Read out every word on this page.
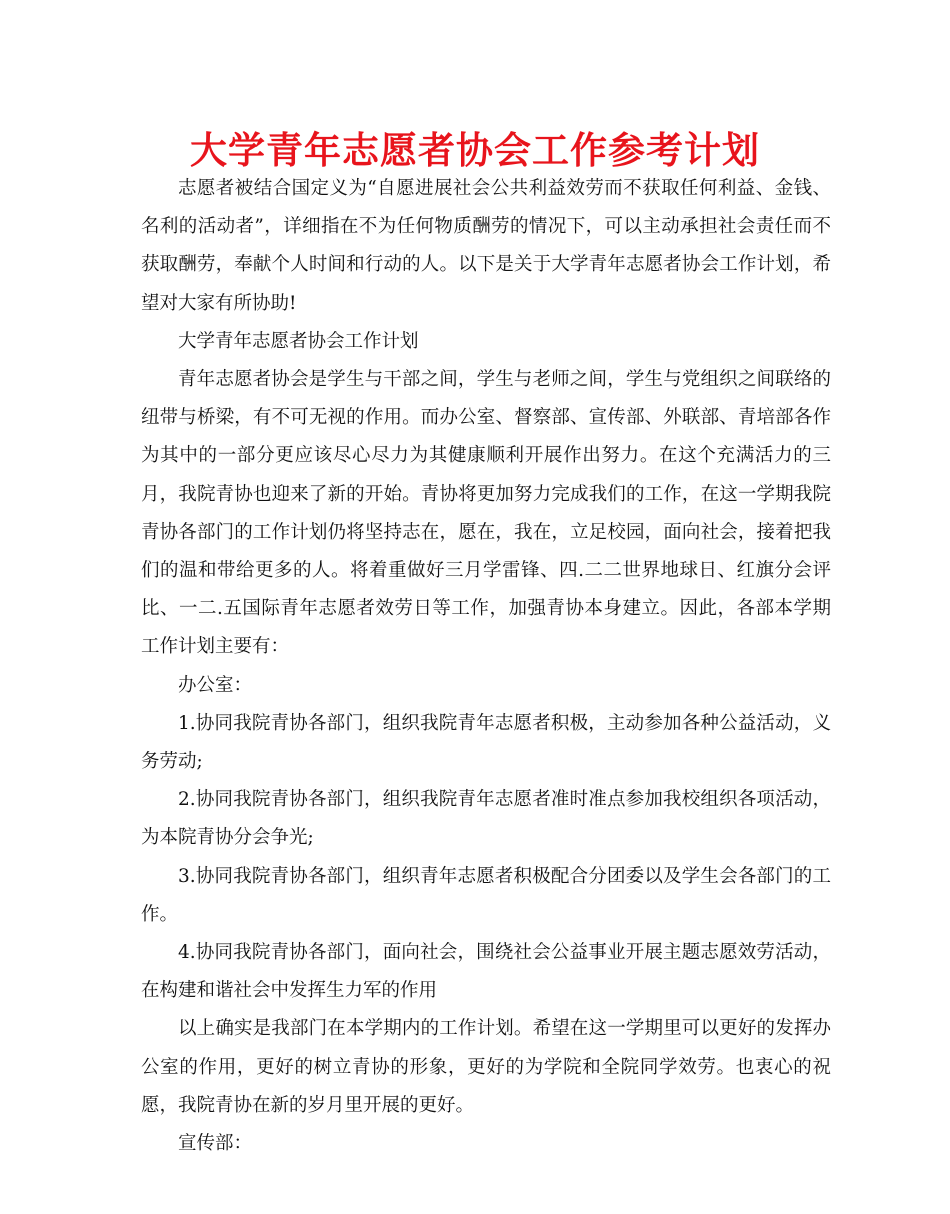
大学青年志愿者协会工作参考计划

志愿者被结合国定义为“自愿进展社会公共利益效劳而不获取任何利益、金钱、名利的活动者”，详细指在不为任何物质酬劳的情况下，可以主动承担社会责任而不获取酬劳，奉献个人时间和行动的人。以下是关于大学青年志愿者协会工作计划，希望对大家有所协助!

大学青年志愿者协会工作计划

青年志愿者协会是学生与干部之间，学生与老师之间，学生与党组织之间联络的纽带与桥梁，有不可无视的作用。而办公室、督察部、宣传部、外联部、青培部各作为其中的一部分更应该尽心尽力为其健康顺利开展作出努力。在这个充满活力的三月，我院青协也迎来了新的开始。青协将更加努力完成我们的工作，在这一学期我院青协各部门的工作计划仍将坚持志在，愿在，我在，立足校园，面向社会，接着把我们的温和带给更多的人。将着重做好三月学雷锋、四.二二世界地球日、红旗分会评比、一二.五国际青年志愿者效劳日等工作，加强青协本身建立。因此，各部本学期工作计划主要有：

办公室：

1.协同我院青协各部门，组织我院青年志愿者积极，主动参加各种公益活动，义务劳动;

2.协同我院青协各部门，组织我院青年志愿者准时准点参加我校组织各项活动，为本院青协分会争光;

3.协同我院青协各部门，组织青年志愿者积极配合分团委以及学生会各部门的工作。

4.协同我院青协各部门，面向社会，围绕社会公益事业开展主题志愿效劳活动，在构建和谐社会中发挥生力军的作用

以上确实是我部门在本学期内的工作计划。希望在这一学期里可以更好的发挥办公室的作用，更好的树立青协的形象，更好的为学院和全院同学效劳。也衷心的祝愿，我院青协在新的岁月里开展的更好。

宣传部：
